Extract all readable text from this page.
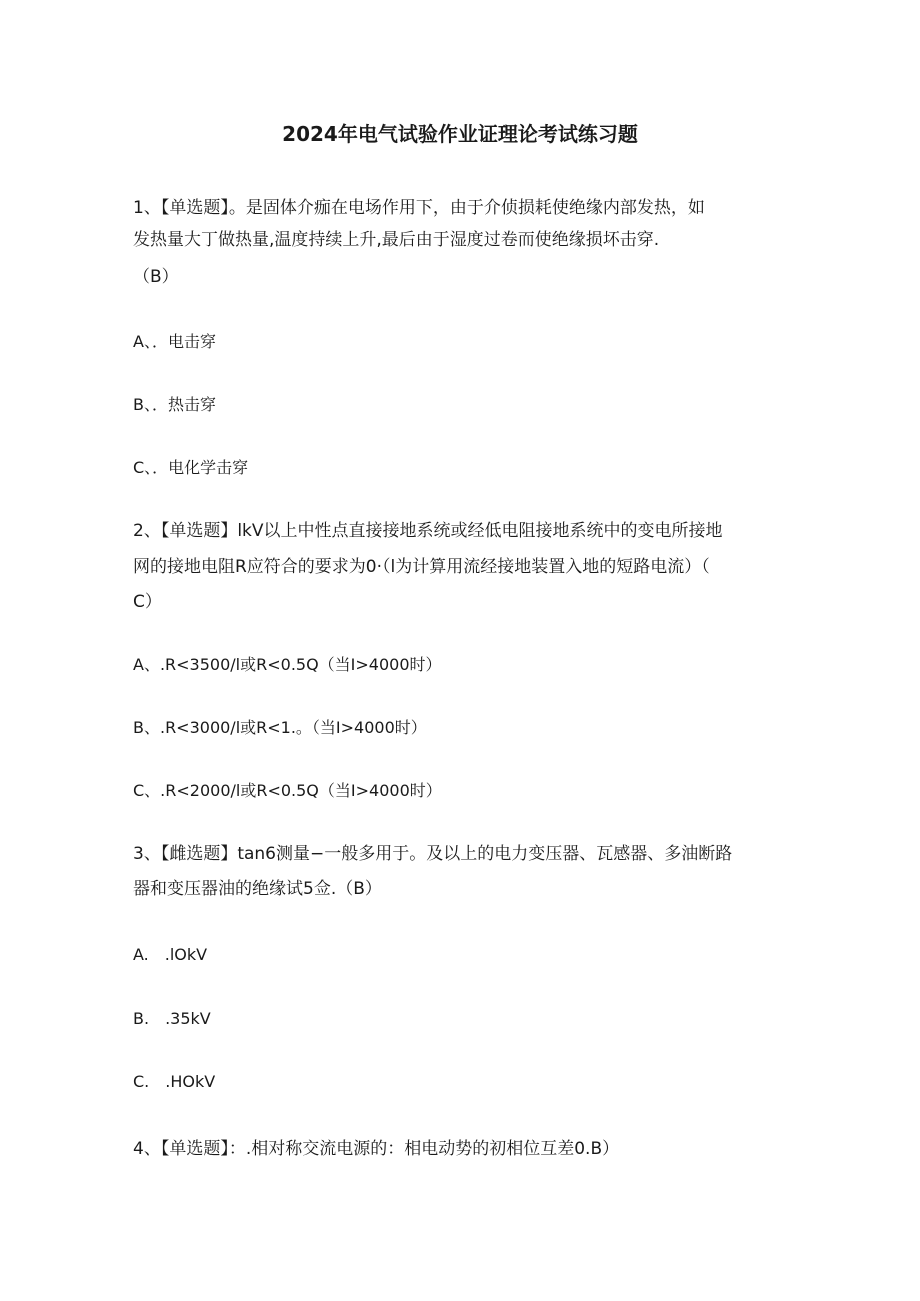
2024年电气试验作业证理论考试练习题
1、【单选题】。是固体介痂在电场作用下，由于介侦损耗使绝缘内部发热，如
发热量大丁做热量,温度持续上升,最后由于湿度过卷而使绝缘损坏击穿.
（B）
A、．电击穿
B、．热击穿
C、．电化学击穿
2、【单选题】lkV以上中性点直接接地系统或经低电阻接地系统中的变电所接地
网的接地电阻R应符合的要求为0·（l为计算用流经接地装置入地的短路电流）（
C）
A、.R<3500/l或R<0.5Q（当I>4000时）
B、.R<3000/l或R<1.。（当I>4000时）
C、.R<2000/l或R<0.5Q（当I>4000时）
3、【雌选题】tan6测量−一般多用于。及以上的电力变压器、瓦感器、多油断路
器和变压器油的绝缘试5佥.（B）
A.　.lOkV
B.　.35kV
C.　.HOkV
4、【单选题】：.相对称交流电源的：相电动势的初相位互差0.B）
